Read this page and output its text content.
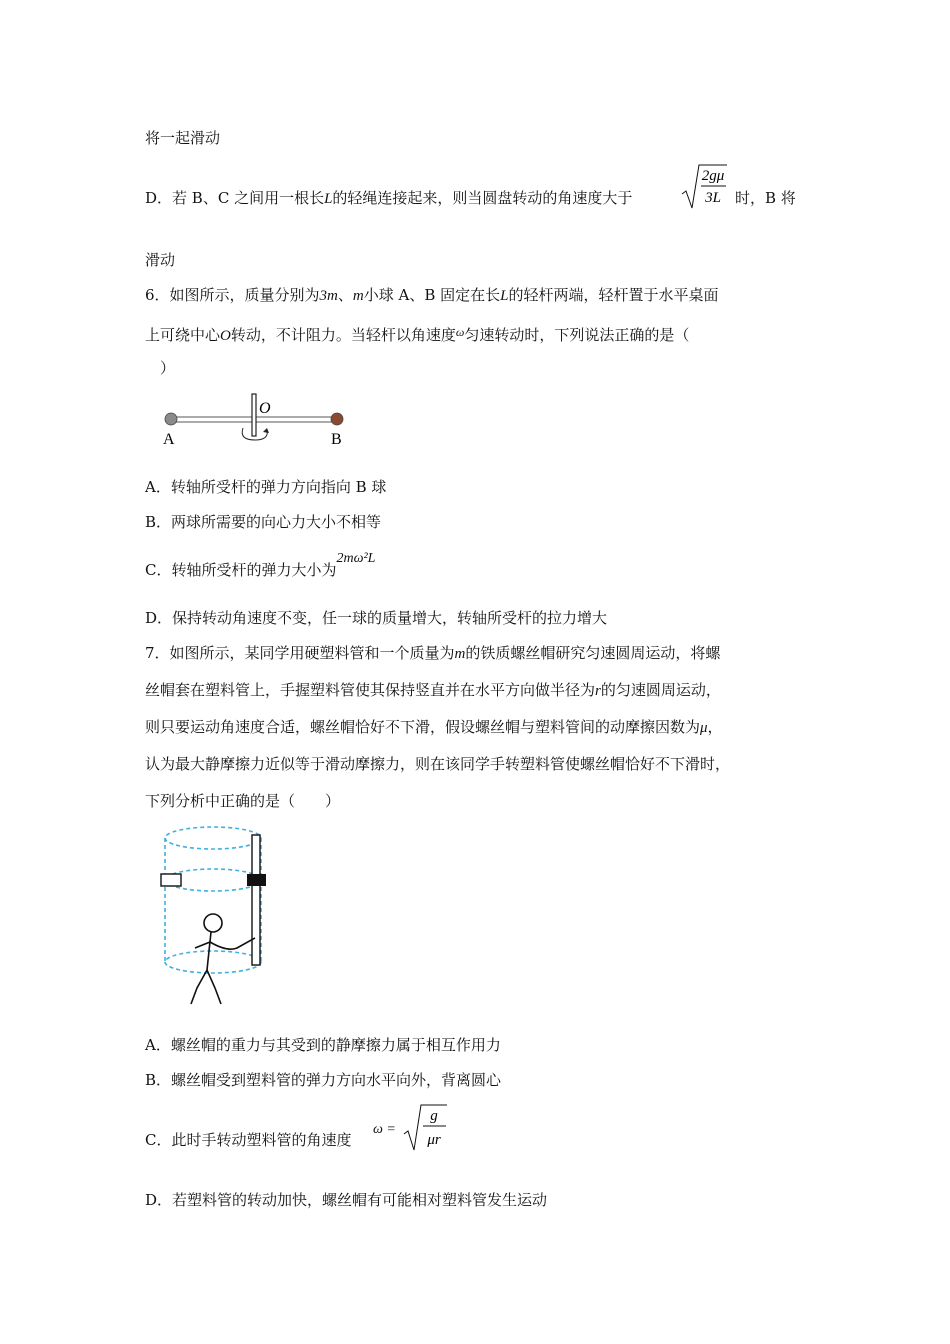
将一起滑动
D．若 B、C 之间用一根长L的轻绳连接起来，则当圆盘转动的角速度大于
2gμ
3L 时，B 将
滑动
6．如图所示，质量分别为3m、m小球 A、B 固定在长L的轻杆两端，轻杆置于水平桌面
上可绕中心O转动，不计阻力。当轻杆以角速度$^\omega$匀速转动时，下列说法正确的是（
）
O
A	B
A．转轴所受杆的弹力方向指向 B 球
B．两球所需要的向心力大小不相等
C．转轴所受杆的弹力大小为2mω²L
D．保持转动角速度不变，任一球的质量增大，转轴所受杆的拉力增大
7．如图所示，某同学用硬塑料管和一个质量为m的铁质螺丝帽研究匀速圆周运动，将螺
丝帽套在塑料管上，手握塑料管使其保持竖直并在水平方向做半径为r的匀速圆周运动，
则只要运动角速度合适，螺丝帽恰好不下滑，假设螺丝帽与塑料管间的动摩擦因数为μ，
认为最大静摩擦力近似等于滑动摩擦力，则在该同学手转塑料管使螺丝帽恰好不下滑时，
下列分析中正确的是（　　）
A．螺丝帽的重力与其受到的静摩擦力属于相互作用力
B．螺丝帽受到塑料管的弹力方向水平向外，背离圆心
C．此时手转动塑料管的角速度
ω =
g
μr
D．若塑料管的转动加快，螺丝帽有可能相对塑料管发生运动
